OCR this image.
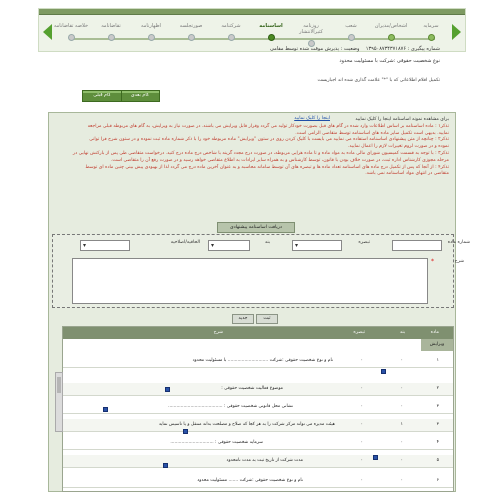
سرمایه
اشخاص/مدیران
شعب
روزنامه کثیرالانتشار
اساسنامه
شرکتنامه
صورتجلسه
اظهارنامه
تقاضانامه
خلاصه تقاضانامه
شماره پیگیری : ۱۳۹۵۰۸۷۳۴۳۷۱۸۷۶    وضعیت : پذیرش موقت شده توسط مقامی
نوع شخصیت حقوقی :شرکت با مسئولیت محدود
تکمیل اقلام اطلاعاتی که با "*" علامت گذاری شده اند اجباریست
گام بعدی
گام قبلی

برای مشاهده نمونه اساسنامه اینجا را کلیک نمایید

تذکر۱ : ماده اساسنامه بر اساس اطلاعات وارد شده در گام های قبل بصورت خودکار تولید می گردد وقرار قابل ویرایش می باشند. در صورت نیاز به ویرایش، به گام های مربوطه قبلی مراجعه

نمایید. بدیهی است تکمیل سایر ماده های اساسنامه توسط متقاضی الزامی است.

تذکر۲ : چنانچه از متن پیشنهادی اساسنامه استفاده می نمایید می بایست با کلیک کردن روی در ستون "ویرایش" ماده مربوطه خود را با ذکر شماره ماده ثبت نموده و در ستون شرح فرا توانی

نموده و در صورت لزوم تغییرات لازم را اعمال نمایید.

تذکر۳ : با توجه به قسمت کمیسیون شورای مالی ماده به مواد ماده و تا ماده هرایی مربوطه، در صورت درج مجدد گزینه با شاخص درج ماده درج کنید. درخواست متقاضی طی پس از بارکنش نهایی در

مرحله مجوزی کارشناس اداره ثبت، در صورت خلاف بودن با قانون، توسط کارشناس و به همراه سایر ایرادات به اطلاع متقاضی خواهد رسید و در صورت رفع آن را متقاضی است.

تذکر۴ : از آنجا که پس از تکمیل درج ماده های اساسنامه تعداد ماده ها و تبصره های آن توسط سامانه محاسبه و به عنوان آخرین ماده درج می گردد لذا از بهبودی پیش بینی چنین ماده ای توسط

متقاضی در انتهای مواد اساسنامه نمی باشد.

اینجا را کلیک نمایید
دریافت اساسنامه پیشنهادی
شماره ماده
تبصره
▾
بند
▾
الحاقیه/اصلاحیه
▾
شرح
*
ثبت
جدید
ماده
بند
تبصره
شرح
ویرایش
۱
۰
۰
نام و نوع شخصیت حقوقی :شرکت ............................. با مسئولیت محدود
۲
۰
۰
موضوع فعالیت شخصیت حقوقی :
۳
۰
۰
نشانی محل قانونی شخصیت حقوقی : .......................................
۳
۱
۰
هیئت مدیره می تواند مرکز شرکت را به هر کجا که صلاح و مصلحت بداند منتقل و یا تاسیس نماید
۴
۰
۰
سرمایه شخصیت حقوقی : ...............................
۵
۰
۰
مدت شرکت از تاریخ ثبت به مدت نامحدود
۶
۰
۰
نام و نوع شخصیت حقوقی :شرکت ....... مسئولیت محدود
